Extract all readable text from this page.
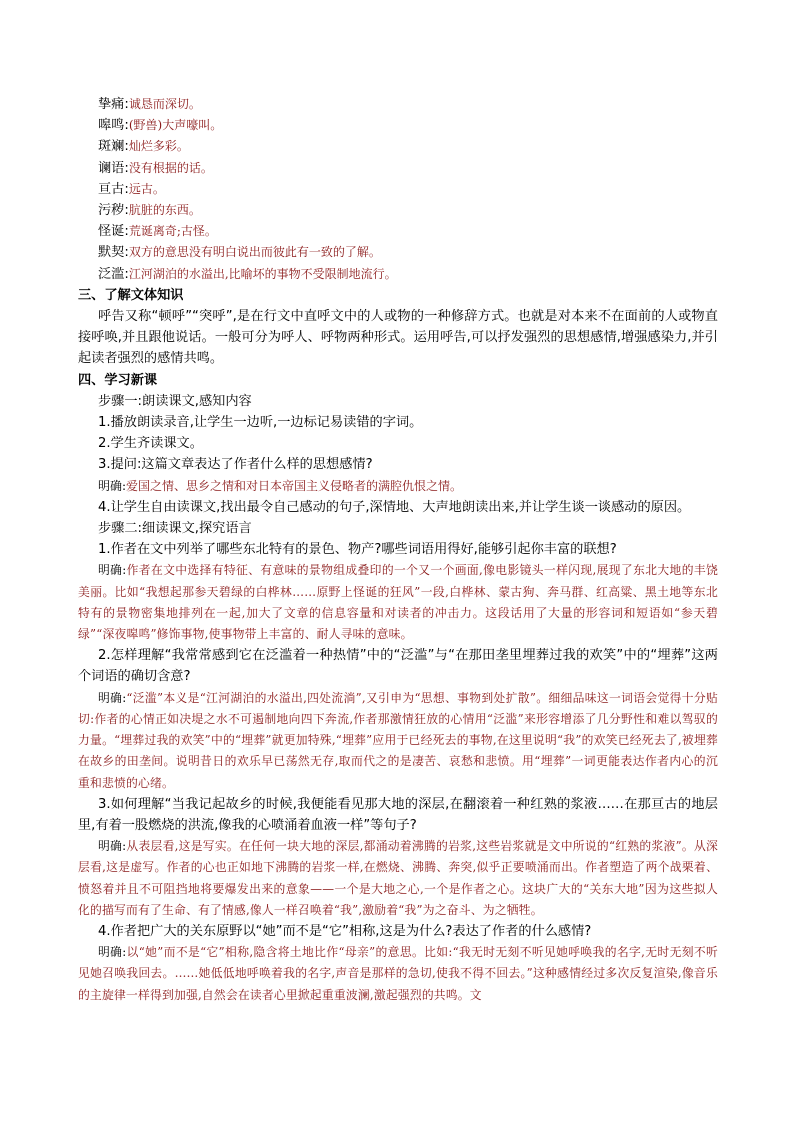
挚痛:诚恳而深切。
嗥鸣:(野兽)大声嚎叫。
斑斓:灿烂多彩。
谰语:没有根据的话。
亘古:远古。
污秽:肮脏的东西。
怪诞:荒诞离奇;古怪。
默契:双方的意思没有明白说出而彼此有一致的了解。
泛滥:江河湖泊的水溢出,比喻坏的事物不受限制地流行。
三、了解文体知识
呼告又称“顿呼”“突呼”,是在行文中直呼文中的人或物的一种修辞方式。也就是对本来不在面前的人或物直接呼唤,并且跟他说话。一般可分为呼人、呼物两种形式。运用呼告,可以抒发强烈的思想感情,增强感染力,并引起读者强烈的感情共鸣。
四、学习新课
步骤一:朗读课文,感知内容
1.播放朗读录音,让学生一边听,一边标记易读错的字词。
2.学生齐读课文。
3.提问:这篇文章表达了作者什么样的思想感情?
明确:爱国之情、思乡之情和对日本帝国主义侵略者的满腔仇恨之情。
4.让学生自由读课文,找出最令自己感动的句子,深情地、大声地朗读出来,并让学生谈一谈感动的原因。
步骤二:细读课文,探究语言
1.作者在文中列举了哪些东北特有的景色、物产?哪些词语用得好,能够引起你丰富的联想?
明确:作者在文中选择有特征、有意味的景物组成叠印的一个又一个画面,像电影镜头一样闪现,展现了东北大地的丰饶美丽。比如“我想起那参天碧绿的白桦林……原野上怪诞的狂风”一段,白桦林、蒙古狗、奔马群、红高粱、黑土地等东北特有的景物密集地排列在一起,加大了文章的信息容量和对读者的冲击力。这段话用了大量的形容词和短语如“参天碧绿”“深夜嗥鸣”修饰事物,使事物带上丰富的、耐人寻味的意味。
2.怎样理解“我常常感到它在泛滥着一种热情”中的“泛滥”与“在那田垄里埋葬过我的欢笑”中的“埋葬”这两个词语的确切含意?
明确:“泛滥”本义是“江河湖泊的水溢出,四处流淌”,又引申为“思想、事物到处扩散”。细细品味这一词语会觉得十分贴切:作者的心情正如决堤之水不可遏制地向四下奔流,作者那激情狂放的心情用“泛滥”来形容增添了几分野性和难以驾驭的力量。“埋葬过我的欢笑”中的“埋葬”就更加特殊,“埋葬”应用于已经死去的事物,在这里说明“我”的欢笑已经死去了,被埋葬在故乡的田垄间。说明昔日的欢乐早已荡然无存,取而代之的是凄苦、哀愁和悲愤。用“埋葬”一词更能表达作者内心的沉重和悲愤的心绪。
3.如何理解“当我记起故乡的时候,我便能看见那大地的深层,在翻滚着一种红熟的浆液……在那亘古的地层里,有着一股燃烧的洪流,像我的心喷涌着血液一样”等句子?
明确:从表层看,这是写实。在任何一块大地的深层,都涌动着沸腾的岩浆,这些岩浆就是文中所说的“红熟的浆液”。从深层看,这是虚写。作者的心也正如地下沸腾的岩浆一样,在燃烧、沸腾、奔突,似乎正要喷涌而出。作者塑造了两个战栗着、愤怒着并且不可阻挡地将要爆发出来的意象——一个是大地之心,一个是作者之心。这块广大的“关东大地”因为这些拟人化的描写而有了生命、有了情感,像人一样召唤着“我”,激励着“我”为之奋斗、为之牺牲。
4.作者把广大的关东原野以“她”而不是“它”相称,这是为什么?表达了作者的什么感情?
明确:以“她”而不是“它”相称,隐含将土地比作“母亲”的意思。比如:“我无时无刻不听见她呼唤我的名字,无时无刻不听见她召唤我回去。……她低低地呼唤着我的名字,声音是那样的急切,使我不得不回去。”这种感情经过多次反复渲染,像音乐的主旋律一样得到加强,自然会在读者心里掀起重重波澜,激起强烈的共鸣。文
